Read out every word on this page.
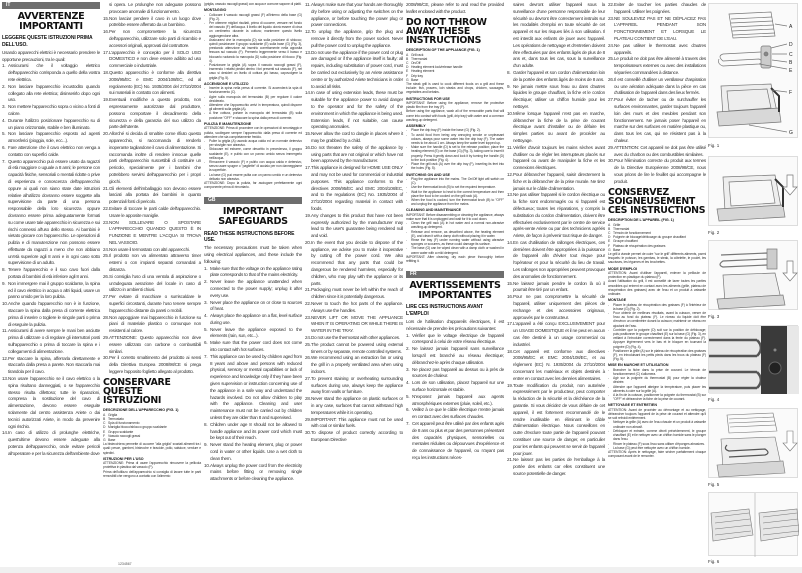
IT
AVVERTENZE IMPORTANTI
LEGGERE QUESTE ISTRUZIONI PRIMA DELL'USO.
Usando apparecchi elettrici è necessario prendere le opportune precauzioni, tra le quali:
1. Assicurarsi che il voltaggio elettrico dell'apparecchio corrisponda a quello della vostra rete elettrica.
2. Non lasciare l'apparecchio incustodito quando collegato alla rete elettrica; disinserirlo dopo ogni uso.
3. Non mettere l'apparecchio sopra o vicino a fonti di calore.
4. Durante l'utilizzo posizionare l'apparecchio su di un piano orizzontale, stabile e ben illuminato.
5. Non lasciare l'apparecchio esposto ad agenti atmosferici (pioggia, sole, ecc...).
6. Fare attenzione che il cavo elettrico non venga a contatto con superfici calde.
7. Questo apparecchio può essere usato da ragazzi di età maggiore o uguale a 8 anni; le persone con capacità fisiche, sensoriali o mentali ridotte o prive di esperienza e conoscenza dell'apparecchio oppure ai quali non siano state date istruzioni relative all'utilizzo dovranno essere soggette alla supervisione da parte di una persona responsabile della loro sicurezza oppure dovranno essere prima adeguatamente formati su come usare tale apparecchio in sicurezza e sui rischi connessi all'uso dello stesso. Ai bambini è vietato giocare con l'apparecchio. Le operazioni di pulizia e di manutenzione non possono essere effettuate da ragazzi a meno che non abbiano un'età superiore agli 8 anni e in ogni caso sotto supervisione di un adulto.
8. Tenere l'apparecchio e il suo cavo fuori dalla portata di bambini di età inferiore agli 8 anni.
9. Non immergere mai il gruppo scaldante, la spina ed il cavo elettrico in acqua o altri liquidi, usare un panno umido per la loro pulizia.
10. Anche quando l'apparecchio non è in funzione, staccare la spina dalla presa di corrente elettrica prima di inserire o togliere le singole parti o prima di eseguire la pulizia.
11. Assicurarsi di avere sempre le mani ben asciutte prima di utilizzare o di regolare gli interruttori posti sull'apparecchio o prima di toccare la spina e i collegamenti di alimentazione.
12. Per staccare la spina, afferrarla direttamente e staccarla dalla presa a parete. Non staccarla mai tirandola per il cavo.
13. Non usare l'apparecchio se il cavo elettrico o la spina risultano danneggiati, o se l'apparecchio stesso risulta difettoso; tutte le riparazioni, compresa la sostituzione del cavo di alimentazione, devono essere eseguite solamente dal centro assistenza Ariete o dai tecnici autorizzati Ariete, in modo da prevenire ogni rischio.
14. In caso di utilizzo di prolunghe elettriche, quest'ultime devono essere adeguate alla potenza dell'apparecchio, onde evitare pericoli all'operatore e per la sicurezza dell'ambiente dove
si opera. Le prolunghe non adeguate possono provocare anomalie di funzionamento.
15. Non lasciar pendere il cavo in un luogo dove potrebbe essere afferrato da un bambino.
16. Per non compromettere la sicurezza dell'apparecchio, utilizzare solo parti di ricambio e accessori originali, approvati dal costruttore.
17. L'apparecchio è concepito per il SOLO USO DOMESTICO e non deve essere adibito ad uso commerciale o industriale.
18. Questo apparecchio è conforme alla direttiva 2006/95/EC e EMC 2004/108/EC, ed al regolamento (EC) No. 1935/2004 del 27/10/2004 sui materiali in contatto con alimenti.
19. Eventuali modifiche a questo prodotto, non espressamente autorizzate dal produttore, possono comportare il decadimento della sicurezza e della garanzia del suo utilizzo da parte dell'utente.
20. Allorché si decida di smaltire come rifiuto questo apparecchio, si raccomanda di renderlo inoperante tagliandone il cavo di alimentazione. Si raccomanda inoltre di rendere innocue quelle parti dell'apparecchio suscettibili di costituire un pericolo, specialmente per i bambini che potrebbero servirsi dell'apparecchio per i propri giochi.
21. Gli elementi dell'imballaggio non devono essere lasciati alla portata dei bambini in quanto potenziali fonti di pericolo.
22. Evitare di toccare le parti calde dell'apparecchio. Usare le apposite maniglie.
23. NON SOLLEVARE O SPOSTARE L'APPARECCHIO QUANDO QUESTO È IN FUNZIONE E MENTRE L'ACQUA SI TROVA NEL VASSOIO.
24. Non usare il termostato con altri apparecchi.
25. Il prodotto non va alimentato attraverso timer esterni o con impianti separati comandati a distanza.
26. Si consiglia l'uso di una ventola di aspirazione o un'adeguata aerazione del locale in caso di utilizzo in ambienti chiusi.
27. Per evitare di macchiare o surriscaldare le superfici circostanti, durante l'uso tenere sempre l'apparecchio distante da pareti o mobili.
28. Non appoggiare mai l'apparecchio in funzione su piani di materiale plastico o comunque non resistenti al calore.
29. ATTENZIONE: Questo apparecchio non deve essere utilizzato con carbone o combustibili similari.
30. Per il corretto smaltimento del prodotto ai sensi della Direttiva Europea 2008/98/CE si prega leggere l'apposito foglietto allegato al prodotto.
CONSERVARE QUESTE ISTRUZIONI
DESCRIZIONE DELL'APPARECCHIO (FIG. 1)
A Griglia
B Termostato
C Spia di funzionamento
D Maniglia blocco/sblocco gruppo scaldante
E Gruppo scaldante
F Vassoio raccogli grassi
G Base
La bistecchiera permette di cuocere "alla griglia" svariati alimenti tra i quali: pesce, gamberi, bistecche e braciole, pollo, salsicce, verdure e spiedini.
ISTRUZIONI PER L'USO
ATTENZIONE: Prima di usare l'apparecchio rimuovere la pellicola protettiva in plastica dal vassoio (F).
Prima dell'utilizzo dell'apparecchio si consiglia di lavare tutte le parti removibili che vengono a contatto con l'alimento
(griglia, vassoio raccogli grassi) con acqua e comune sapone di piatti.
MONTAGGIO
-	Collocare il vassoio raccogli grassi (F) all'interno della base (G) (Fig. 2).
-	Per ottenere migliori risultati, prima di cuocere, versare nel fondo del vassoio (F) dell'acqua. Il livello del liquido dovrà essere di circa un centimetro durante la cottura; mantenere questo livello aggiungendone altra.
-	Assicurarsi che la manopola (D) sia sulla posizione di sblocco; quindi posizionare il gruppo scaldante (E) sulla base (G) (Fig. 3), prestando attenzione ad inserirlo correttamente nella apposita fessura sul vassoio (F). Premerlo leggermente verso il basso e bloccarlo ruotando la manopola (D) sulla posizione di blocco (Fig. 4).
-	Posizionare la griglia (A) sopra il vassoio raccogli grassi (F), inserendo i relativi piedini dentro i fori presenti sul vassoio (F), nel caso si desideri un livello di cottura più basso, capovolgere la griglia (Fig. 5).
ACCENSIONE E UTILIZZO
-	Inserire la spina nella presa di corrente. Si accenderà la spia di funzionamento (C).
-	Agire sulla manopola del termostato (B) per regolare il calore desiderato.
-	Attendere che l'apparecchio arrivi in temperatura, quindi disporre gli alimenti sulla griglia (A).
-	A fine cottura, portare la manopola del termostato (B) sulla posizione "OFF" e staccare la spina dalla presa di corrente.
PULIZIA E MANUTENZIONE
ATTENZIONE: Prima di procedere con le operazioni di smontaggio e pulizia, scollegare sempre l'apparecchio dalla presa di corrente ed attendere che sia completamente freddo.
-	Pulire la griglia (A) usando acqua calda ed un normale detersivo per stoviglie non abrasivo.
-	Sbloccare ed estrarre, come descritto in precedenza, il gruppo scaldante (E), e pulirlo con un panno umido senza immergerlo nell'acqua.
-	Rimuovere il vassoio (F) e pulirlo con acqua calda e detersivo, senza usare spugne o "pagliette" di acciaio per non danneggiarne la superficie.
-	La base (G) può essere pulita con un panno umido e un detersivo delicato non abrasivo.
ATTENZIONE: Dopo la pulizia, far asciugare perfettamente ogni componente prima di rimontarlo.
GB
IMPORTANT SAFEGUARDS
READ THESE INSTRUCTIONS BEFORE USE.
The necessary precautions must be taken when using electrical appliances, and these include the following:
1. Make sure that the voltage on the appliance rating plate corresponds to that of the mains electricity.
2. Never leave the appliance unattended when connected to the power supply; unplug it after every use.
3. Never place the appliance on or close to sources of heat.
4. Always place the appliance on a flat, level surface during use.
5. Never leave the appliance exposed to the elements (rain, sun, etc...).
6. Make sure that the power cord does not come into contact with hot surfaces.
7. This appliance can be used by children aged from 8 years and above and persons with reduced physical, sensory or mental capabilities or lack of experience and knowledge only if they have been given supervision or instruction concerning use of the appliance in a safe way and understand the hazards involved. Do not allow children to play with the appliance. Cleaning and user maintenance must not be carried out by children unless they are older than 8 and supervised.
8. Children under age 8 should not be allowed to handle appliance and its power cord which must be kept out of their reach.
9. Never stand the heating element, plug or power cord in water or other liquids. Use a wet cloth to clean them.
10. Always unplug the power cord from the electricity mains before fitting or removing single attachments or before cleaning the appliance.
11. Always make sure that your hands are thoroughly dry before using or adjusting the switches on the appliance, or before touching the power plug or power connections.
12. To unplug the appliance, grip the plug and remove it directly from the power socket. Never pull the power cord to unplug the appliance.
13. Do not use the appliance if the power cord or plug are damaged or if the appliance itself is faulty: all repairs, including substitution of power cord, must be carried out exclusively by an Ariete assistance centre or by authorized Ariete technicians in order to avoid all risks.
14. In case of using extension leads, these must be suitable for the appliance power to avoid danger to the operator and for the safety of the environment in which the appliance is being used. Extension leads, if not suitable, can cause operating anomalies.
15. Never allow the cord to dangle in places where it may be grabbed by a child.
16. Do not threaten the safety of the appliance by using parts that are not original or which have not been approved by the manufacturer.
17. This appliance is designed for HOME USE ONLY and may not be used for commercial or industrial purposes. This appliance conforms to the directives 2006/95/EC and EMC 2004/108/EC, and to the regulations (EC) No. 1935/2004 of 27/10/2004 regarding material in contact with foods.
19. Any changes to this product that have not been expressly authorized by the manufacturer may lead to the user's guarantee being rendered null and void.
20. In the event that you decide to dispose of the appliance, we advise you to make it inoperative by cutting off the power cord. We also recommend that any parts that could be dangerous be rendered harmless, especially for children, who may play with the appliance or its parts.
21. Packaging must never be left within the reach of children since it is potentially dangerous.
22. Never to touch the hot parts of the appliance. Always use the handles.
23. NEVER LIFT OR MOVE THE APPLIANCE WHEN IT IS OPERATING OR WHILE THERE IS WATER IN THE TRAY.
24. Do not use the thermostat with other appliances.
25. The product cannot be powered using external timers or by separate, remote controlled systems.
26. We recommend using an extraction fan or using the grill in a properly ventilated area when using indoors.
27. To prevent staining or overheating surrounding surfaces during use, always keep the appliance away from walls or furniture.
28. Never stand the appliance on plastic surfaces or in any case, surfaces that cannot withstand high temperatures while it is operating.
29. IMPORTANT: This appliance must not be used with coal or similar fuels.
30. To dispose of product correctly according to European Directive
2008/98/CE, please refer to and read the provided leaflet enclosed with the product.
DO NOT THROW AWAY THESE INSTRUCTIONS
DESCRIPTION OF THE APPLIANCE (FIG. 1)
A Grill rack
B Thermostat
C On/Off
D Heating element lock/release handle
E Heating element
F Drip tray
G Base
The steak grill is used to cook different foods on a grill and these include: fish, prawns, loin steaks and chops, chicken, sausages, vegetables and kebabs.
INSTRUCTIONS FOR USE
IMPORTANT: Before using the appliance, remove the protective plastic film from the tray (F).
Before using the appliance, wash all of the removable parts that will come into contact with foods (grill, drip tray) with water and a common washing-up detergent.
ASSEMBLY
-	Place the drip tray (F) inside the base (G) (Fig. 2).
-	To avoid food from being any annoying smoke or unpleasant odours, always pour some water into the drip tray (F). The water needs to be about 1 cm. Always keep the water level topped up.
-	Make sure the handle (D) is set to the release position; place the heating element (E) on the base (G) (Fig. 3), taking care to insert it properly. Press it gently down and lock it by turning the handle (D) to the lock position (Fig. 4).
-	Place the grill rack (A) over the drip tray (F), inserting its feet into the holes (Fig. 5).
SWITCHING ON AND USE
-	Plug the appliance into the mains. The On/Off light will switch on (C).
-	Use the thermostat knob (B) to set the required temperature.
-	Wait for the appliance to heat to the correct temperature and then place the food to be cooked on the grill rack (A).
-	When the food is cooked, turn the thermostat knob (B) to "OFF" and unplug the appliance from the mains.
CLEANING AND MAINTENANCE
IMPORTANT: Before disassembling or cleaning the appliance, always make sure that it is unplugged and wait for it to cool down.
-	Clean the grill rack (A) in hot water and a normal non-abrasive washing-up detergent.
-	Release and remove, as described above, the heating element (E), and clean it with a damp cloth without placing it in water.
-	Rinse the tray (F) under running water without using abrasive sponges or scourers, as these could damage its surface.
-	The base (G) can be wiped clean with a damp cloth or washed in warm water with a mild detergent.
IMPORTANT: After cleaning, dry each piece thoroughly before refitting it.
FR
AVERTISSEMENTS IMPORTANTES
LIRE CES INSTRUCTIONS AVANT L'EMPLOI
Lors de l'utilisation d'appareils électriques, il est nécessaire de prendre les précautions suivantes:
1. Vérifier que le voltage électrique de l'appareil correspond à celui de votre réseau électrique.
2. Ne laissez jamais l'appareil sans surveillance lorsqu'il est branché au réseau électrique; débranchez-le après chaque utilisation.
3. Ne placez pas l'appareil au dessus ou à près de sources de chaleur.
4. Lors de son utilisation, placez l'appareil sur une surface horizontale et stable.
5. N'exposez jamais l'appareil aux agents atmosphériques externes (pluie, soleil, etc.).
6. Veillez à ce que le câble électrique n'entre jamais en contact avec des surfaces chaudes.
7. Cet appareil peut être utilisé par des enfants agés de 8 ans ou plus et par des personnes présentant des capacités physiques, sensorielles ou mentales réduites ou dépourvues d'expérience et de connaissance de l'appareil, ou n'ayant pas reçu les instructions néces-
saires devront utiliser l'appareil sous la surveillance d'une personne responsable de leur sécurité ou devront être correctement instruits sur les modalités d'emploi en toute sécurité de cet appareil et sur les risques liés à son utilisation. Il est interdit aux enfants de jouer avec l'appareil. Les opérations de nettoyage et d'entretien doivent être effectuées par des enfants âgés de plus de 8 ans et, dans tous les cas, sous la surveillance d'un adulte.
8. Garder l'appareil et son cordon d'alimentation loin de la portée des enfants âgés de moins de 8 ans.
9. Ne jamais mettre sous l'eau ou dans d'autres liquides le groupe chauffant, la fiche et le cordon électrique; utiliser un chiffon humide pour les nettoyer.
10. Même lorsque l'appareil n'est pas en marche, débrancher la fiche de la prise de courant électrique avant d'installer ou de défaire les simples parties ou avant de procéder au nettoyage.
11. Vérifier d'avoir toujours les mains sèches avant d'utiliser ou de régler les interrupteurs placés sur l'appareil ou avant de manipuler la fiche et les connexions électriques.
12. Pour débrancher l'appareil, saisir directement la fiche et la débrancher de la prise murale. Ne tirez jamais sur le câble d'alimentation.
13. Ne pas utiliser l'appareil si le cordon électrique ou la fiche sont endommagés ou si l'appareil est défectueux; toutes les réparations, y compris la substitution du cordon d'alimentation, doivent être effectuées exclusivement par le centre de service après-vente Ariete ou par des techniciens agréés Ariete, de façon à prévenir tout risque de danger.
14. En cas d'utilisation de rallonges électriques, ces dernières doivent être appropriées à la puissance de l'appareil afin d'éviter tout risque pour l'opérateur et pour la sécurité du lieu de travail. Les rallonges non appropriées peuvent provoquer des anomalies de fonctionnement.
15. Ne laissez jamais pendre le cordon là où il pourrait être tiré par un enfant.
16. Pour ne pas compromettre la sécurité de l'appareil, utiliser uniquement des pièces de rechange et des accessoires originaux, approuvés par le constructeur.
17. L'appareil a été conçu EXCLUSIVEMENT pour un USAGE DOMESTIQUE et il ne peut en aucun cas être destiné à un usage commercial ou industriel.
18. Cet appareil est conforme aux directives 2006/95/EC et EMC 2004/108/EC, et au règlement (EC) N. 1935/2004 du 27/10/2004 concernant les matériaux et objets destinés à entrer en contact avec les denrées alimentaires.
19. Toute modification du produit, non autorisée expressément par le producteur, peut comporter la réduction de la sécurité et la déchéance de la garantie. Si vous décidez de vous défaire de cet appareil, il est fortement recommandé de le rendre inutilisable en éliminant le câble d'alimentation électrique. Nous conseillons en outre d'exclure toute partie de l'appareil pouvant constituer une source de danger, en particulier pour les enfants qui peuvent se servir de l'appareil pour jouer.
21. Ne laissez pas les parties de l'emballage à la portée des enfants car elles constituent une source potentielle de danger.
22. Eviter de toucher les parties chaudes de l'appareil. Utiliser les poignées.
23. NE SOULEVEZ PAS ET NE DÉPLACEZ PAS L'APPAREIL PENDANT SON FONCTIONNEMENT ET LORSQUE LE PLATEAU CONTIENT DE L'EAU.
24. Ne pas utiliser le thermostat avec d'autres appareils.
25. Le produit ne doit pas être alimenté à travers des temporisateurs externes ou avec des installations séparées commandées à distance.
26. Il est conseillé d'utiliser un ventilateur d'aspiration ou une aération adéquate dans la pièce en cas d'utilisation de l'appareil dans des lieux fermés.
27. Pour éviter de tacher ou de surchauffer les surfaces environnantes, garder toujours l'appareil loin des murs et des meubles pendant son fonctionnement. Ne jamais poser l'appareil en marche sur des surfaces en matière plastique ou, dans tous les cas, qui ne résistent pas à la chaleur.
29. ATTENTION: Cet appareil ne doit pas être utilisé avec du charbon ou des combustibles similaires.
30. Pour l'élimination correcte du produit aux termes de la Directive Européenne 2008/98/CE, nous vous prions de lire le feuillet qui accompagne le produit.
CONSERVEZ SOIGNEUSEMENT CES INSTRUCTIONS
DESCRIPTION DE L'APPAREIL (FIG. 1)
A Grille
B Thermostat
C Témoin de fonctionnement
D Poignée de blocage/déblocage du groupe chauffant
E Groupe chauffant
F Plateau de récupération des graisses
G Base
Le grill à viande permet de cuire "sur le grill" différents aliments, parmi lesquels: le poisson, les gambas, le steak, la côtelette, le poulet, les saucisses, les légumes et les brochettes.
MODE D'EMPLOI
ATTENTION: Avant d'utiliser l'appareil, enlever la pellicule de protection en plastique du plateau (F).
Avant l'utilisation du grill, il est conseillé de laver toutes les parties amovibles qui entrent en contact avec les aliments (grille, plateau de récupération des graisses) avec de l'eau et un produit à vaisselle ordinaire.
MONTAGE
-	Placer le plateau de récupération des graisses (F) à l'intérieur de la base (G) (Fig. 2).
-	Pour obtenir de meilleurs résultats, avant la cuisson, verser de l'eau au fond du plateau (F). Le niveau du liquide doit être d'environ un centimètre durant la cuisson; maintenir ce niveau en ajoutant de l'eau.
-	Contrôler que la poignée (D) soit sur la position de déblocage; puis positionner le groupe chauffant (E) sur la base (G) (Fig. 3), en veillant à l'introduire correctement dans la fente du plateau (F). Appuyer légèrement vers le bas et le bloquer en tournant la poignée (D) (Fig. 4).
-	Positionner la grille (A) sur le plateau de récupération des graisses (F), en introduisant les petits pieds dans les trous du plateau (F) (Fig. 5).
MISE EN MARCHE ET UTILISATION
-	Brancher la fiche dans la prise de courant. Le témoin de fonctionnement (C) s'allumera.
-	Agir sur la poignée du thermostat (B) pour régler la chaleur désirée.
-	Attendre que l'appareil atteigne la température, puis placer les aliments à cuire sur la grille (A).
-	A la fin de la cuisson, positionner la poignée du thermostat (B) sur "OFF" et débrancher la fiche de la prise de courant.
NETTOYAGE ET ENTRETIEN
ATTENTION: Avant de procéder au démontage et au nettoyage, débrancher toujours l'appareil de la prise de courant et attendre qu'il se soit refroidi entièrement.
-	Nettoyer la grille (A) avec de l'eau chaude et un produit à vaisselle ordinaire non abrasif.
-	Débloquer et extraire, comme décrit précédemment, le groupe chauffant (E) et le nettoyer avec un chiffon humide sans le plonger dans l'eau.
-	Rincer le plateau (F) sous l'eau sans utiliser d'éponges abrasives.
-	La base (G) peut être nettoyée avec un chiffon humide.
ATTENTION: Après le nettoyage, faire sécher parfaitement chaque composant avant de le remonter.
1234567
A
D
C
B
E
F
G
Fig. 1
Fig. 2
Fig. 3
Fig. 4
Fig. 5
Fig. 6
